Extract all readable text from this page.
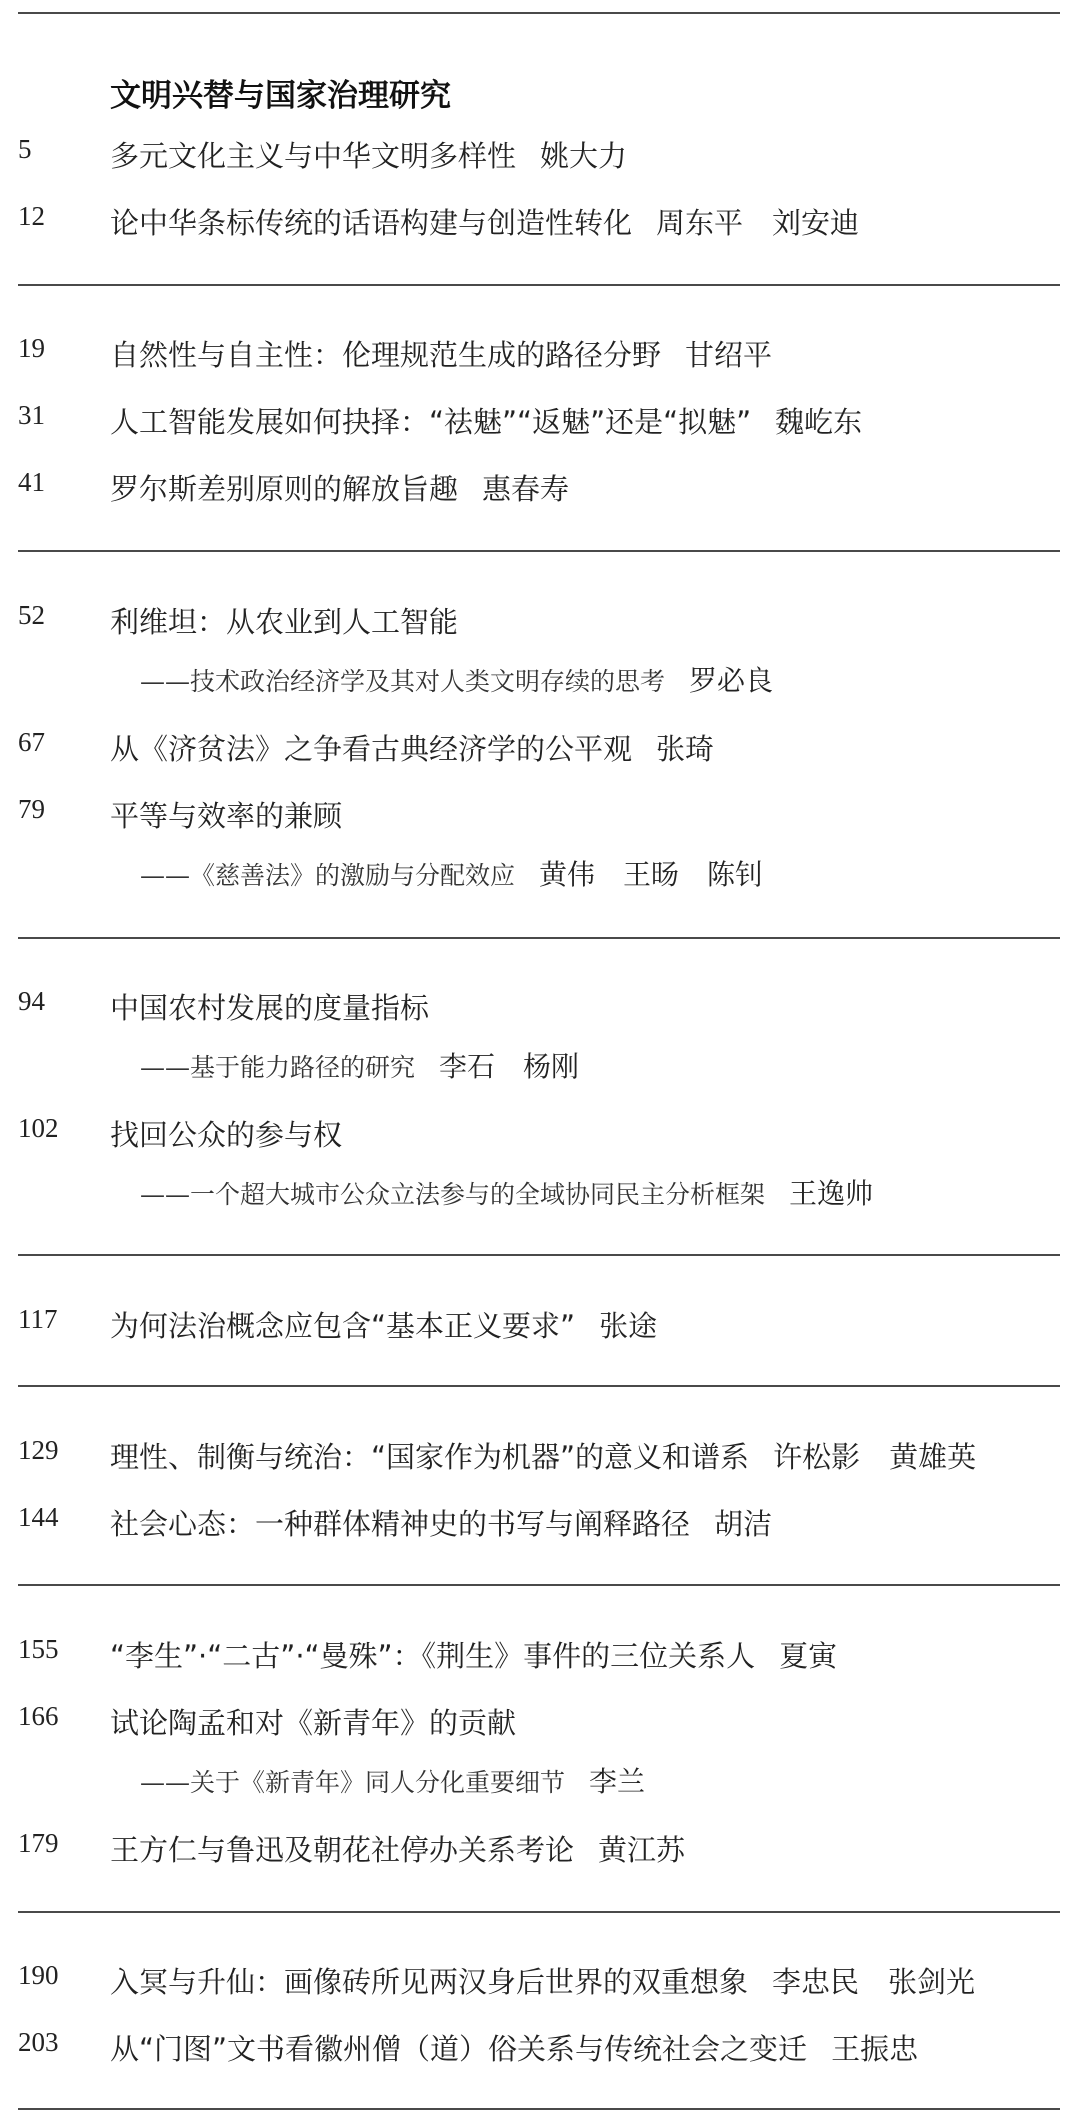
文明兴替与国家治理研究
5	多元文化主义与中华文明多样性 姚大力
12 论中华条标传统的话语构建与创造性转化 周东平　刘安迪
19 自然性与自主性：伦理规范生成的路径分野 甘绍平
31 人工智能发展如何抉择：“祛魅”“返魅”还是“拟魅” 魏屹东
41 罗尔斯差别原则的解放旨趣 惠春寿
52 利维坦：从农业到人工智能
——技术政治经济学及其对人类文明存续的思考 罗必良
67 从《济贫法》之争看古典经济学的公平观 张琦
79 平等与效率的兼顾
——《慈善法》的激励与分配效应 黄伟　王旸　陈钊
94 中国农村发展的度量指标
——基于能力路径的研究 李石　杨刚
102 找回公众的参与权
——一个超大城市公众立法参与的全域协同民主分析框架 王逸帅
117 为何法治概念应包含“基本正义要求” 张途
129 理性、制衡与统治：“国家作为机器”的意义和谱系 许松影　黄雄英
144 社会心态：一种群体精神史的书写与阐释路径 胡洁
155 “李生”·“二古”·“曼殊”：《荆生》事件的三位关系人 夏寅
166 试论陶孟和对《新青年》的贡献
——关于《新青年》同人分化重要细节 李兰
179 王方仁与鲁迅及朝花社停办关系考论 黄江苏
190 入冥与升仙：画像砖所见两汉身后世界的双重想象 李忠民　张剑光
203 从“门图”文书看徽州僧（道）俗关系与传统社会之变迁 王振忠
